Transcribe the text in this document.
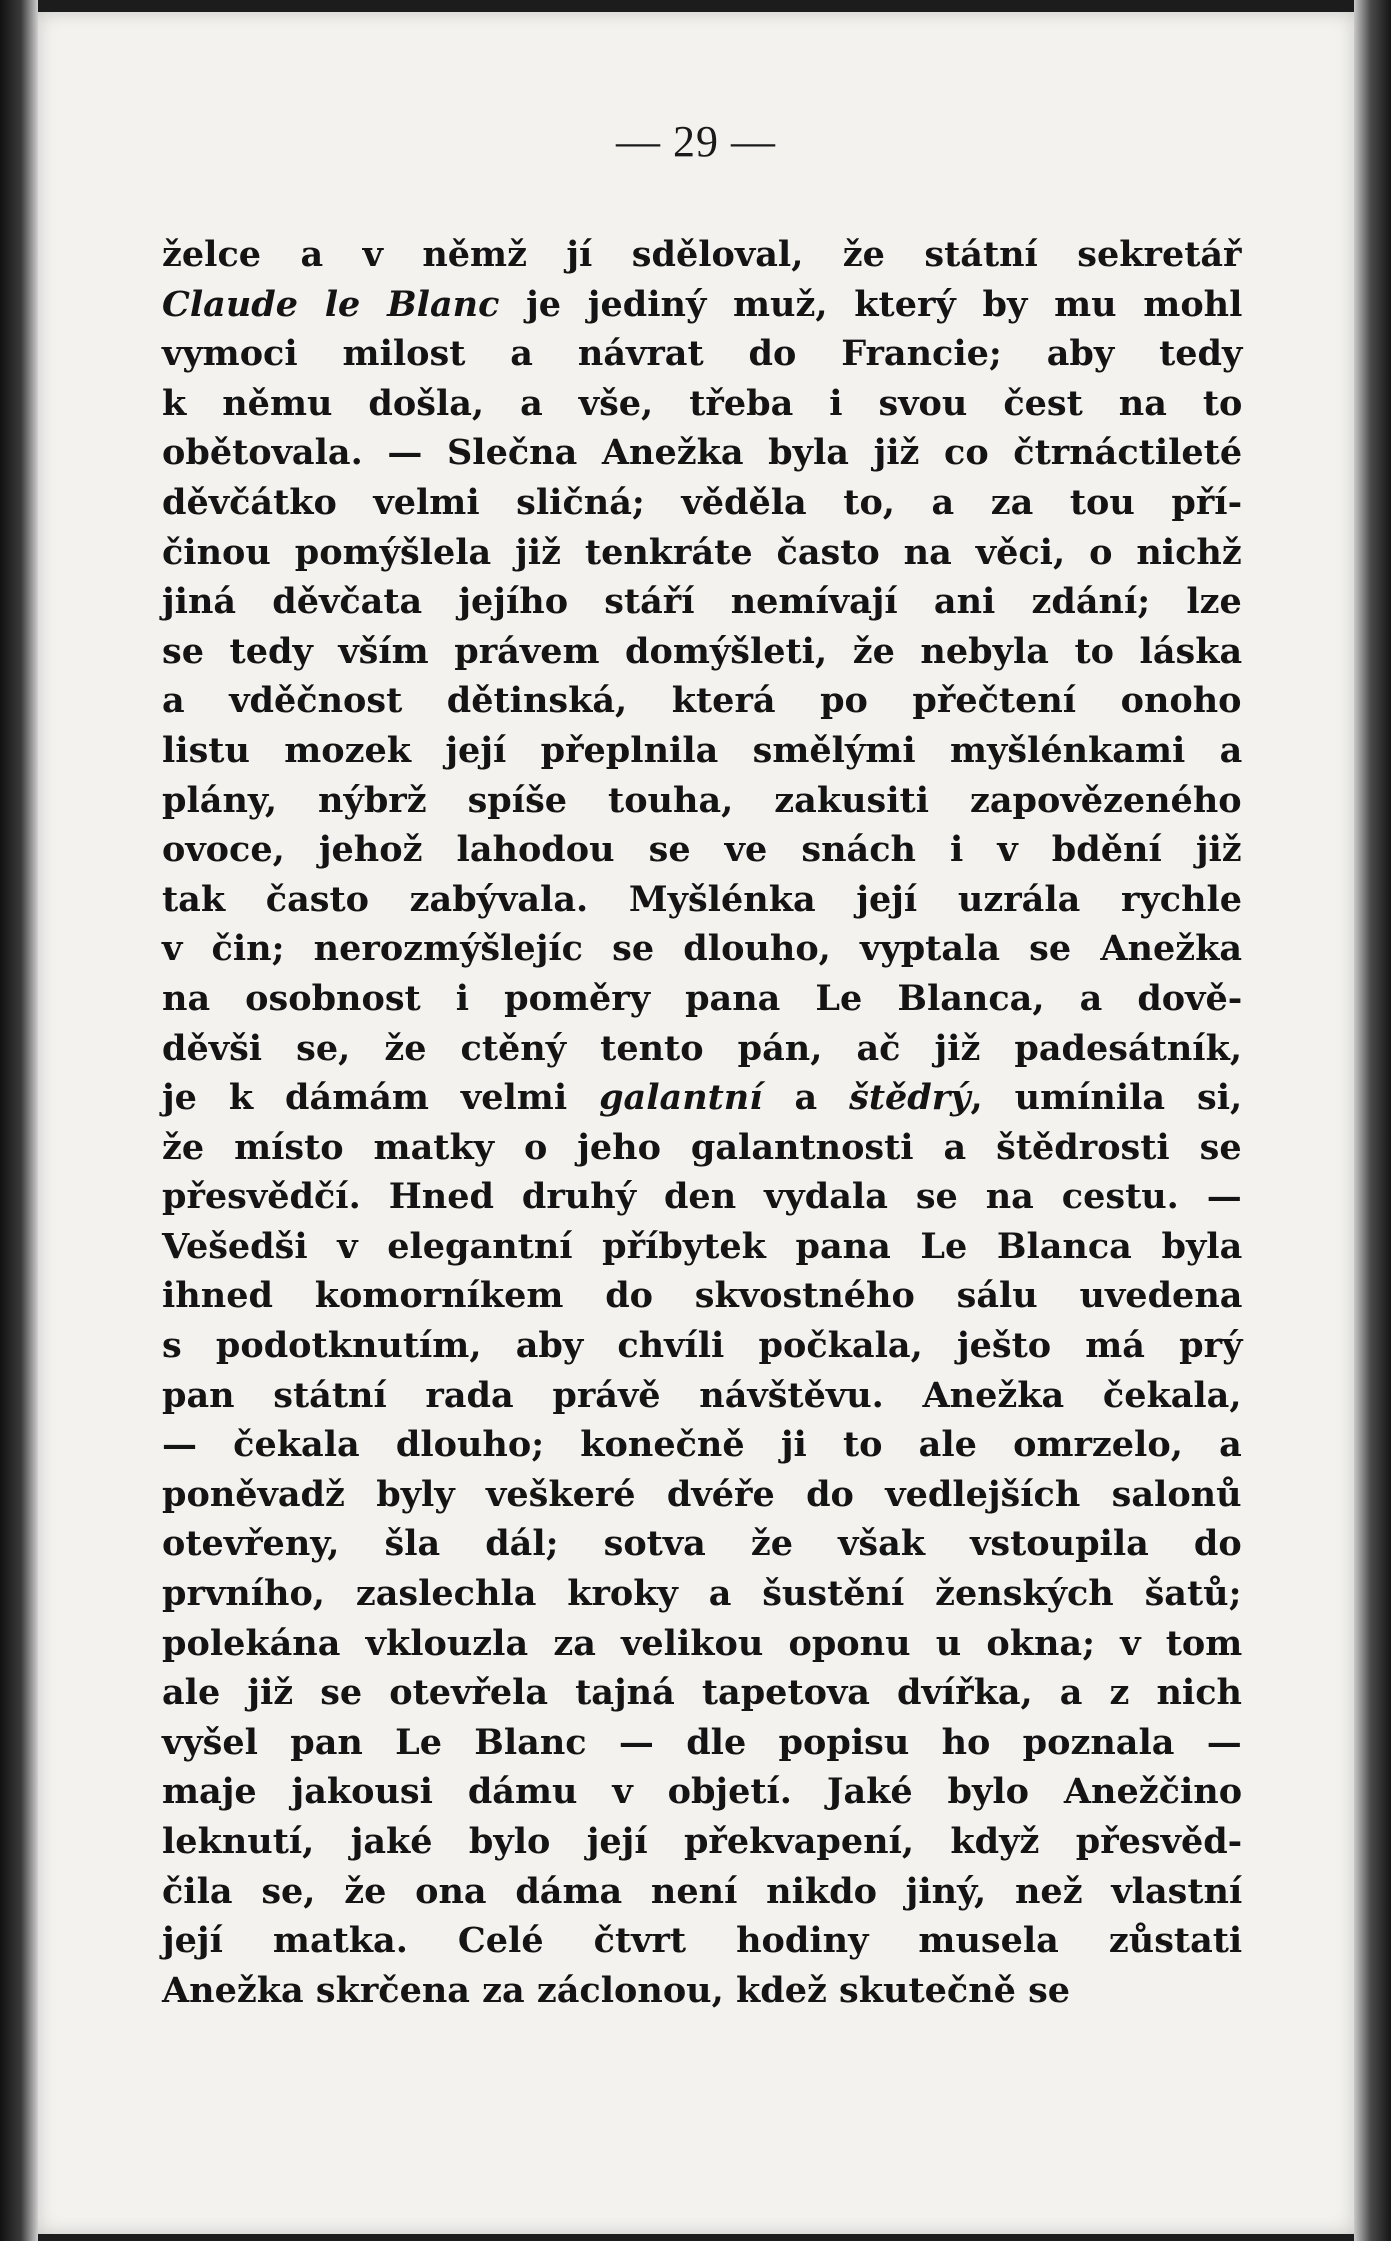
— 29 —
želce a v němž jí sděloval, že státní sekretář
Claude le Blanc je jediný muž, který by mu mohl
vymoci milost a návrat do Francie; aby tedy
k němu došla, a vše, třeba i svou čest na to
obětovala. — Slečna Anežka byla již co čtrnáctileté
děvčátko velmi sličná; věděla to, a za tou pří-
činou pomýšlela již tenkráte často na věci, o nichž
jiná děvčata jejího stáří nemívají ani zdání; lze
se tedy vším právem domýšleti, že nebyla to láska
a vděčnost dětinská, která po přečtení onoho
listu mozek její přeplnila smělými myšlénkami a
plány, nýbrž spíše touha, zakusiti zapovězeného
ovoce, jehož lahodou se ve snách i v bdění již
tak často zabývala. Myšlénka její uzrála rychle
v čin; nerozmýšlejíc se dlouho, vyptala se Anežka
na osobnost i poměry pana Le Blanca, a dově-
děvši se, že ctěný tento pán, ač již padesátník,
je k dámám velmi galantní a štědrý, umínila si,
že místo matky o jeho galantnosti a štědrosti se
přesvědčí. Hned druhý den vydala se na cestu. —
Vešedši v elegantní příbytek pana Le Blanca byla
ihned komorníkem do skvostného sálu uvedena
s podotknutím, aby chvíli počkala, ješto má prý
pan státní rada právě návštěvu. Anežka čekala,
— čekala dlouho; konečně ji to ale omrzelo, a
poněvadž byly veškeré dvéře do vedlejších salonů
otevřeny, šla dál; sotva že však vstoupila do
prvního, zaslechla kroky a šustění ženských šatů;
polekána vklouzla za velikou oponu u okna; v tom
ale již se otevřela tajná tapetova dvířka, a z nich
vyšel pan Le Blanc — dle popisu ho poznala —
maje jakousi dámu v objetí. Jaké bylo Anežčino
leknutí, jaké bylo její překvapení, když přesvěd-
čila se, že ona dáma není nikdo jiný, než vlastní
její matka. Celé čtvrt hodiny musela zůstati
Anežka skrčena za záclonou, kdež skutečně se
